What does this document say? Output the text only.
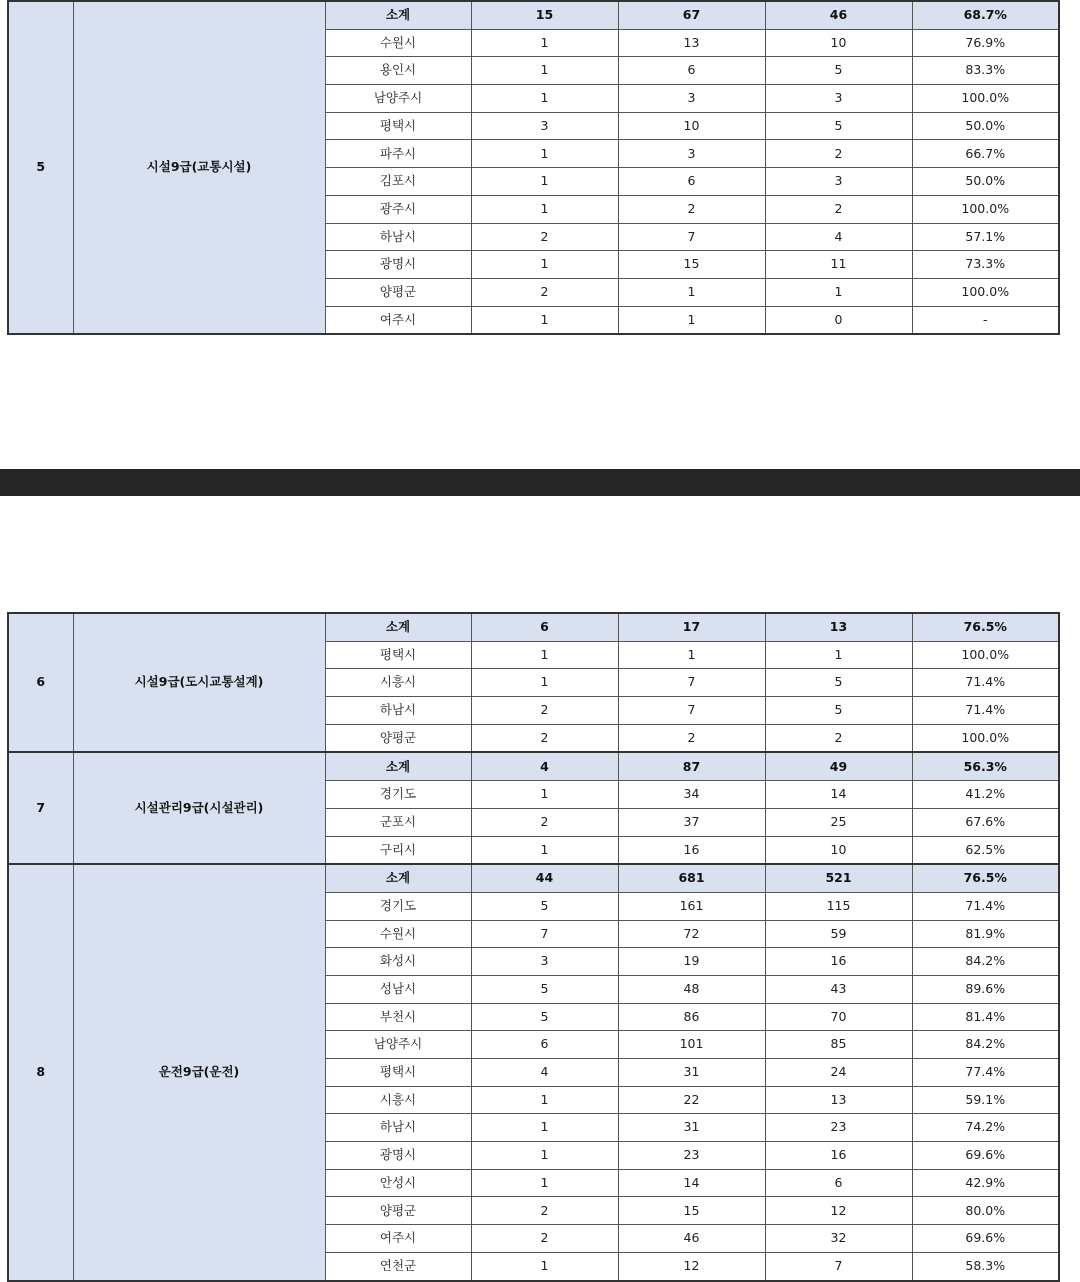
5	시설9급(교통시설)	소계	15	67	46	68.7%
		수원시	1	13	10	76.9%
		용인시	1	6	5	83.3%
		남양주시	1	3	3	100.0%
		평택시	3	10	5	50.0%
		파주시	1	3	2	66.7%
		김포시	1	6	3	50.0%
		광주시	1	2	2	100.0%
		하남시	2	7	4	57.1%
		광명시	1	15	11	73.3%
		양평군	2	1	1	100.0%
		여주시	1	1	0	-
6	시설9급(도시교통설계)	소계	6	17	13	76.5%
		평택시	1	1	1	100.0%
		시흥시	1	7	5	71.4%
		하남시	2	7	5	71.4%
		양평군	2	2	2	100.0%
7	시설관리9급(시설관리)	소계	4	87	49	56.3%
		경기도	1	34	14	41.2%
		군포시	2	37	25	67.6%
		구리시	1	16	10	62.5%
8	운전9급(운전)	소계	44	681	521	76.5%
		경기도	5	161	115	71.4%
		수원시	7	72	59	81.9%
		화성시	3	19	16	84.2%
		성남시	5	48	43	89.6%
		부천시	5	86	70	81.4%
		남양주시	6	101	85	84.2%
		평택시	4	31	24	77.4%
		시흥시	1	22	13	59.1%
		하남시	1	31	23	74.2%
		광명시	1	23	16	69.6%
		안성시	1	14	6	42.9%
		양평군	2	15	12	80.0%
		여주시	2	46	32	69.6%
		연천군	1	12	7	58.3%
